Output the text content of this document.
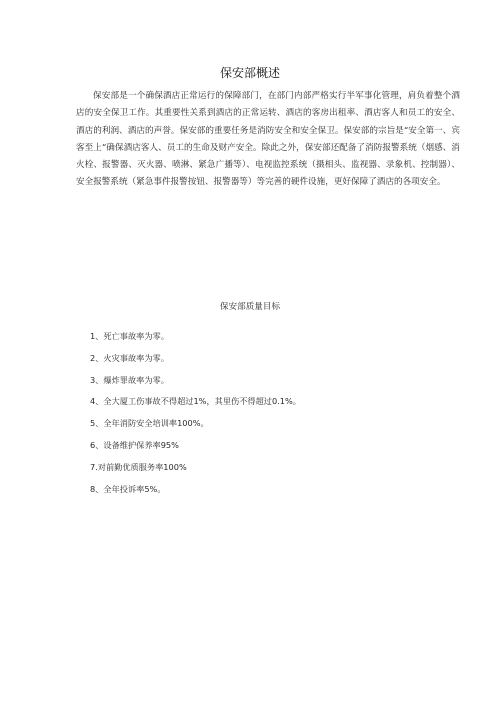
保安部概述

保安部是一个确保酒店正常运行的保障部门，在部门内部严格实行半军事化管理，肩负着整个酒店的安全保卫工作。其重要性关系到酒店的正常运转、酒店的客房出租率、酒店客人和员工的安全、酒店的利润、酒店的声誉。保安部的重要任务是消防安全和安全保卫。保安部的宗旨是“安全第一、宾客至上“确保酒店客人、员工的生命及财产安全。除此之外，保安部还配备了消防报警系统（烟感、消火栓、报警器、灭火器、喷淋、紧急广播等）、电视监控系统（摄相头、监视器、录象机、控制器）、安全报警系统（紧急事件报警按钮、报警器等）等完善的硬件设施，更好保障了酒店的各项安全。

保安部质量目标
1、死亡事故率为零。
2、火灾事故率为零。
3、爆炸罪故率为零。
4、全大厦工伤事故不得超过1%，其里伤不得超过0.1%。
5、全年消防安全培训率100%。
6、设备维护保养率95%
7.对前勤优质服务率100%
8、全年投诉率5%。
